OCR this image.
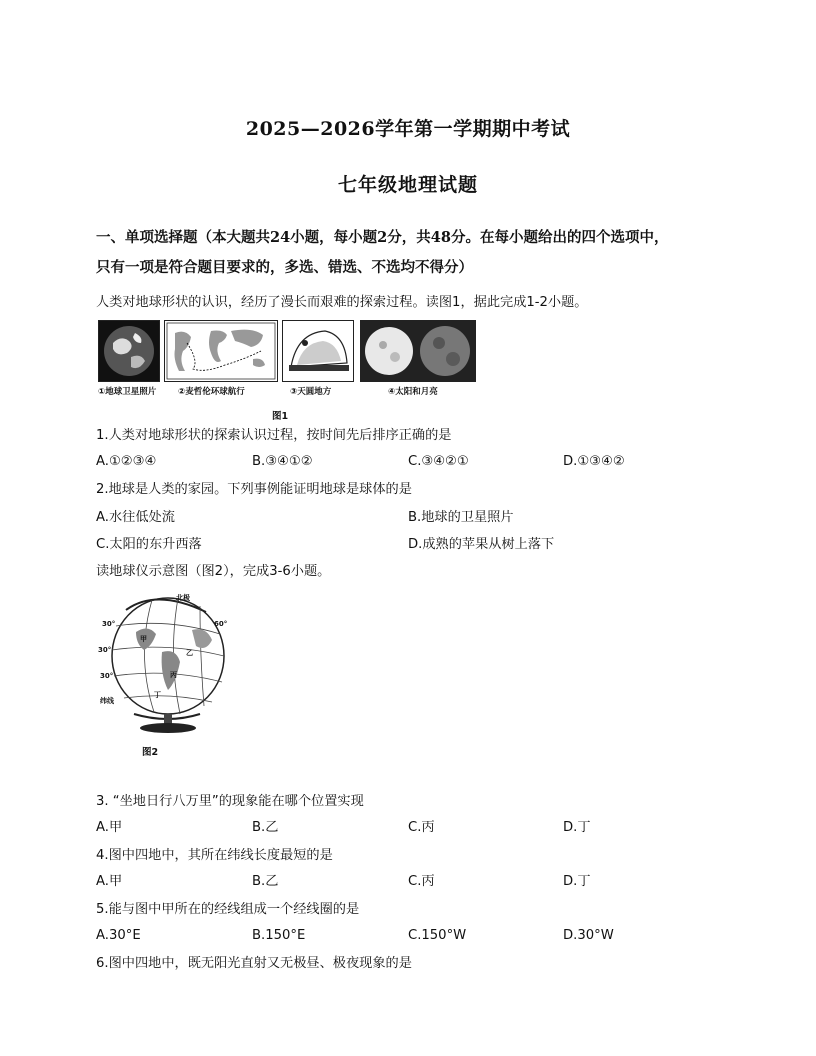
2025—2026学年第一学期期中考试
七年级地理试题
一、单项选择题（本大题共24小题，每小题2分，共48分。在每小题给出的四个选项中，
只有一项是符合题目要求的，多选、错选、不选均不得分）
人类对地球形状的认识，经历了漫长而艰难的探索过程。读图1，据此完成1-2小题。
①地球卫星照片	②麦哲伦环球航行	③天圆地方	④太阳和月亮
图1
1.人类对地球形状的探索认识过程，按时间先后排序正确的是
A.①②③④	B.③④①②	C.③④②①	D.①③④②
2.地球是人类的家园。下列事例能证明地球是球体的是
A.水往低处流	B.地球的卫星照片
C.太阳的东升西落	D.成熟的苹果从树上落下
读地球仪示意图（图2），完成3-6小题。
北极
30°
30°
30°
60°
纬线
甲
乙
丙
丁
图2
3. “坐地日行八万里”的现象能在哪个位置实现
A.甲	B.乙	C.丙	D.丁
4.图中四地中，其所在纬线长度最短的是
A.甲	B.乙	C.丙	D.丁
5.能与图中甲所在的经线组成一个经线圈的是
A.30°E	B.150°E	C.150°W	D.30°W
6.图中四地中，既无阳光直射又无极昼、极夜现象的是
